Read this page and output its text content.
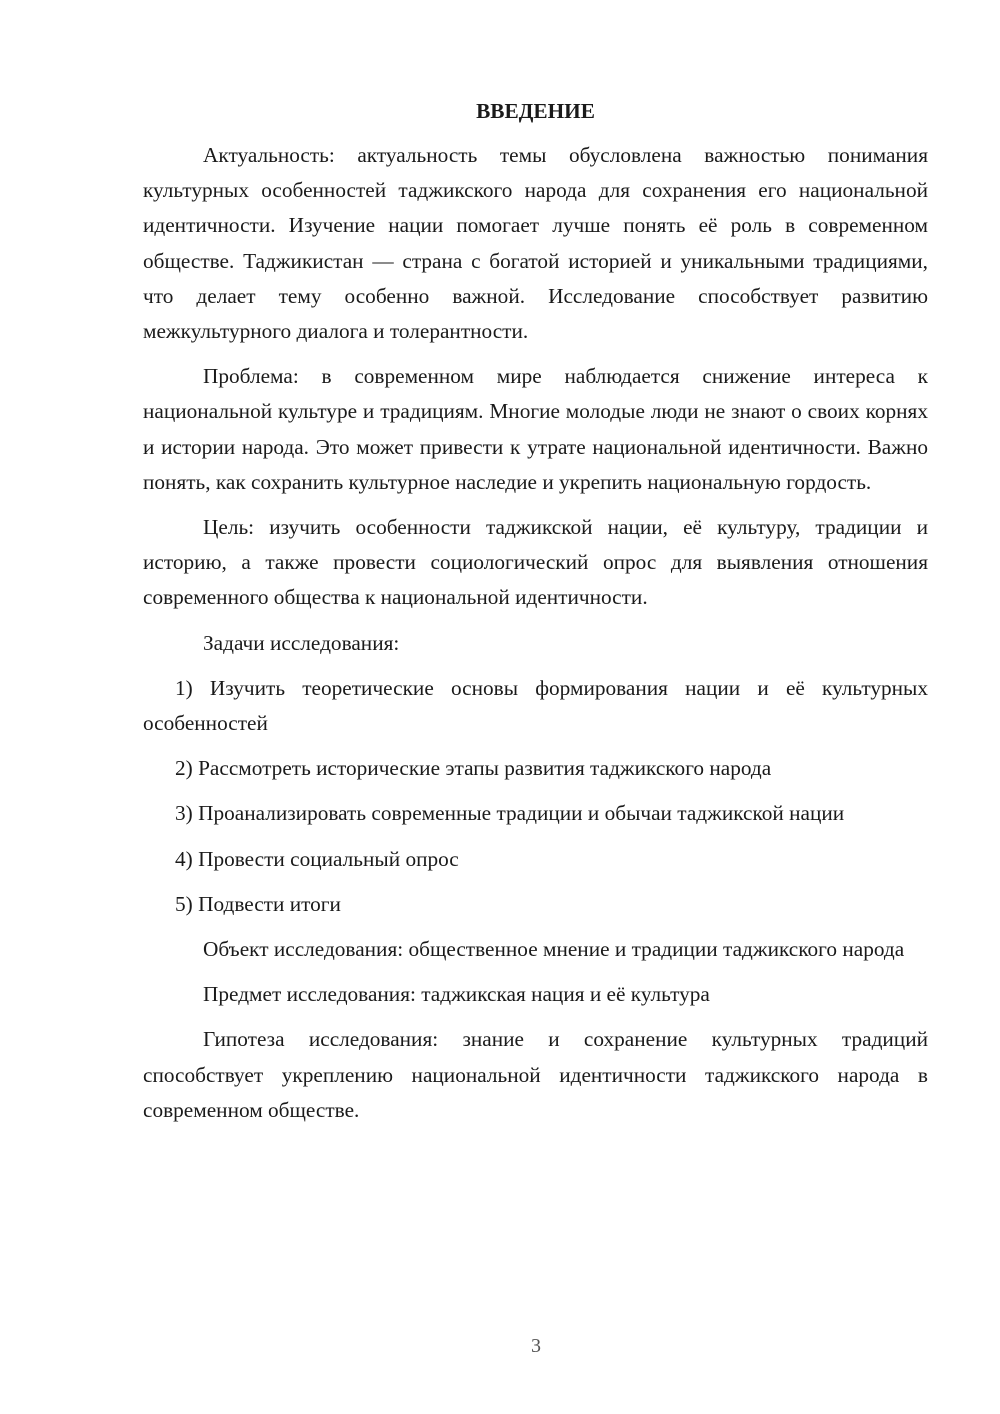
ВВЕДЕНИЕ

Актуальность: актуальность темы обусловлена важностью понимания культурных особенностей таджикского народа для сохранения его национальной идентичности. Изучение нации помогает лучше понять её роль в современном обществе. Таджикистан — страна с богатой историей и уникальными традициями, что делает тему особенно важной. Исследование способствует развитию межкультурного диалога и толерантности.

Проблема: в современном мире наблюдается снижение интереса к национальной культуре и традициям. Многие молодые люди не знают о своих корнях и истории народа. Это может привести к утрате национальной идентичности. Важно понять, как сохранить культурное наследие и укрепить национальную гордость.

Цель: изучить особенности таджикской нации, её культуру, традиции и историю, а также провести социологический опрос для выявления отношения современного общества к национальной идентичности.

Задачи исследования:

1) Изучить теоретические основы формирования нации и её культурных особенностей

2) Рассмотреть исторические этапы развития таджикского народа

3) Проанализировать современные традиции и обычаи таджикской нации

4) Провести социальный опрос

5) Подвести итоги

Объект исследования: общественное мнение и традиции таджикского народа

Предмет исследования: таджикская нация и её культура

Гипотеза исследования: знание и сохранение культурных традиций способствует укреплению национальной идентичности таджикского народа в современном обществе.

3
